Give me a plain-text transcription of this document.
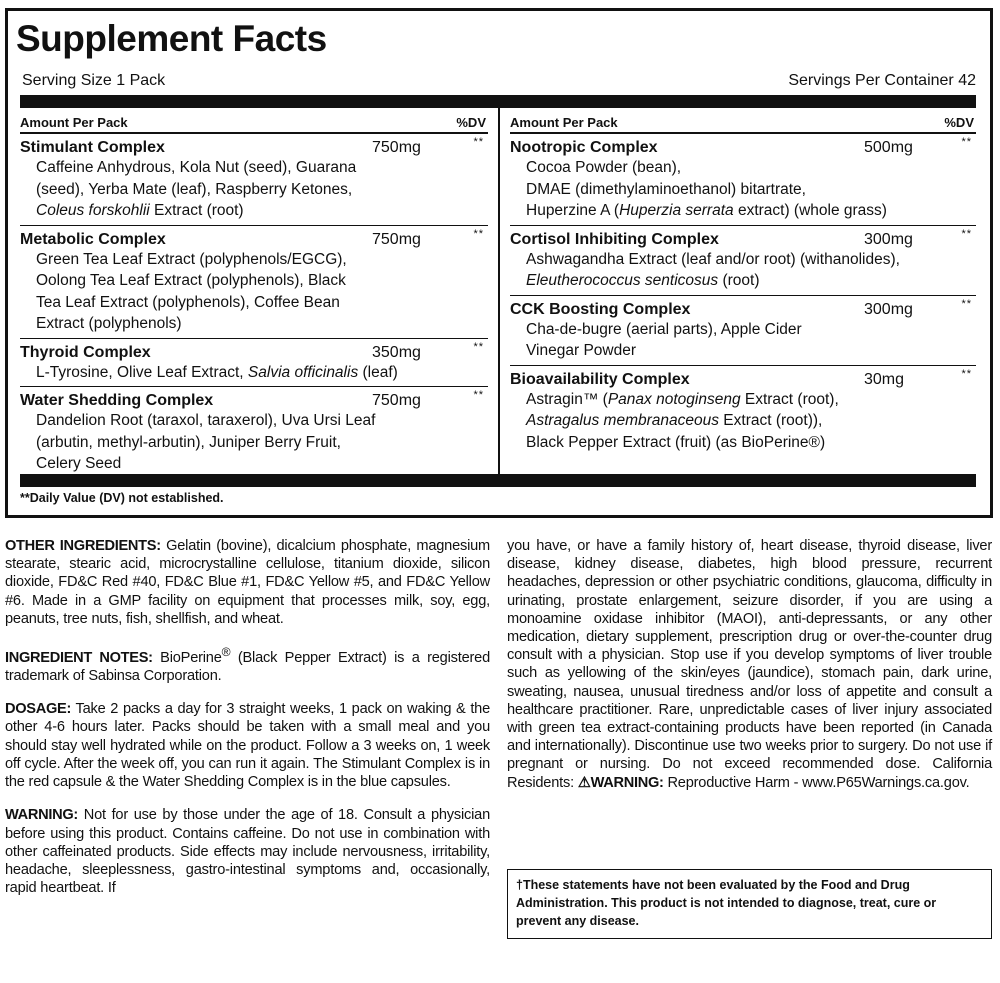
Supplement Facts
Serving Size 1 Pack	Servings Per Container 42
Amount Per Pack	%DV
Stimulant Complex	750mg	**
Caffeine Anhydrous, Kola Nut (seed), Guarana
(seed), Yerba Mate (leaf), Raspberry Ketones,
Coleus forskohlii Extract (root)
Metabolic Complex	750mg	**
Green Tea Leaf Extract (polyphenols/EGCG),
Oolong Tea Leaf Extract (polyphenols), Black
Tea Leaf Extract (polyphenols), Coffee Bean
Extract (polyphenols)
Thyroid Complex	350mg	**
L-Tyrosine, Olive Leaf Extract, Salvia officinalis (leaf)
Water Shedding Complex	750mg	**
Dandelion Root (taraxol, taraxerol), Uva Ursi Leaf
(arbutin, methyl-arbutin), Juniper Berry Fruit,
Celery Seed
Amount Per Pack	%DV
Nootropic Complex	500mg	**
Cocoa Powder (bean),
DMAE (dimethylaminoethanol) bitartrate,
Huperzine A (Huperzia serrata extract) (whole grass)
Cortisol Inhibiting Complex	300mg	**
Ashwagandha Extract (leaf and/or root) (withanolides),
Eleutherococcus senticosus (root)
CCK Boosting Complex	300mg	**
Cha-de-bugre (aerial parts), Apple Cider
Vinegar Powder
Bioavailability Complex	30mg	**
Astragin™ (Panax notoginseng Extract (root),
Astragalus membranaceous Extract (root)),
Black Pepper Extract (fruit) (as BioPerine®)
**Daily Value (DV) not established.

OTHER INGREDIENTS: Gelatin (bovine), dicalcium phosphate, magnesium stearate, stearic acid, microcrystalline cellulose, titanium dioxide, silicon dioxide, FD&C Red #40, FD&C Blue #1, FD&C Yellow #5, and FD&C Yellow #6. Made in a GMP facility on equipment that processes milk, soy, egg, peanuts, tree nuts, fish, shellfish, and wheat.

INGREDIENT NOTES: BioPerine® (Black Pepper Extract) is a registered trademark of Sabinsa Corporation.

DOSAGE: Take 2 packs a day for 3 straight weeks, 1 pack on waking & the other 4-6 hours later. Packs should be taken with a small meal and you should stay well hydrated while on the product. Follow a 3 weeks on, 1 week off cycle. After the week off, you can run it again. The Stimulant Complex is in the red capsule & the Water Shedding Complex is in the blue capsules.

WARNING: Not for use by those under the age of 18. Consult a physician before using this product. Contains caffeine. Do not use in combination with other caffeinated products. Side effects may include nervousness, irritability, headache, sleeplessness, gastro-intestinal symptoms and, occasionally, rapid heartbeat. If

you have, or have a family history of, heart disease, thyroid disease, liver disease, kidney disease, diabetes, high blood pressure, recurrent headaches, depression or other psychiatric conditions, glaucoma, difficulty in urinating, prostate enlargement, seizure disorder, if you are using a monoamine oxidase inhibitor (MAOI), anti-depressants, or any other medication, dietary supplement, prescription drug or over-the-counter drug consult with a physician. Stop use if you develop symptoms of liver trouble such as yellowing of the skin/eyes (jaundice), stomach pain, dark urine, sweating, nausea, unusual tiredness and/or loss of appetite and consult a healthcare practitioner. Rare, unpredictable cases of liver injury associated with green tea extract-containing products have been reported (in Canada and internationally). Discontinue use two weeks prior to surgery. Do not use if pregnant or nursing. Do not exceed recommended dose. California Residents: ⚠WARNING: Reproductive Harm - www.P65Warnings.ca.gov.

†These statements have not been evaluated by the Food and Drug Administration. This product is not intended to diagnose, treat, cure or prevent any disease.
